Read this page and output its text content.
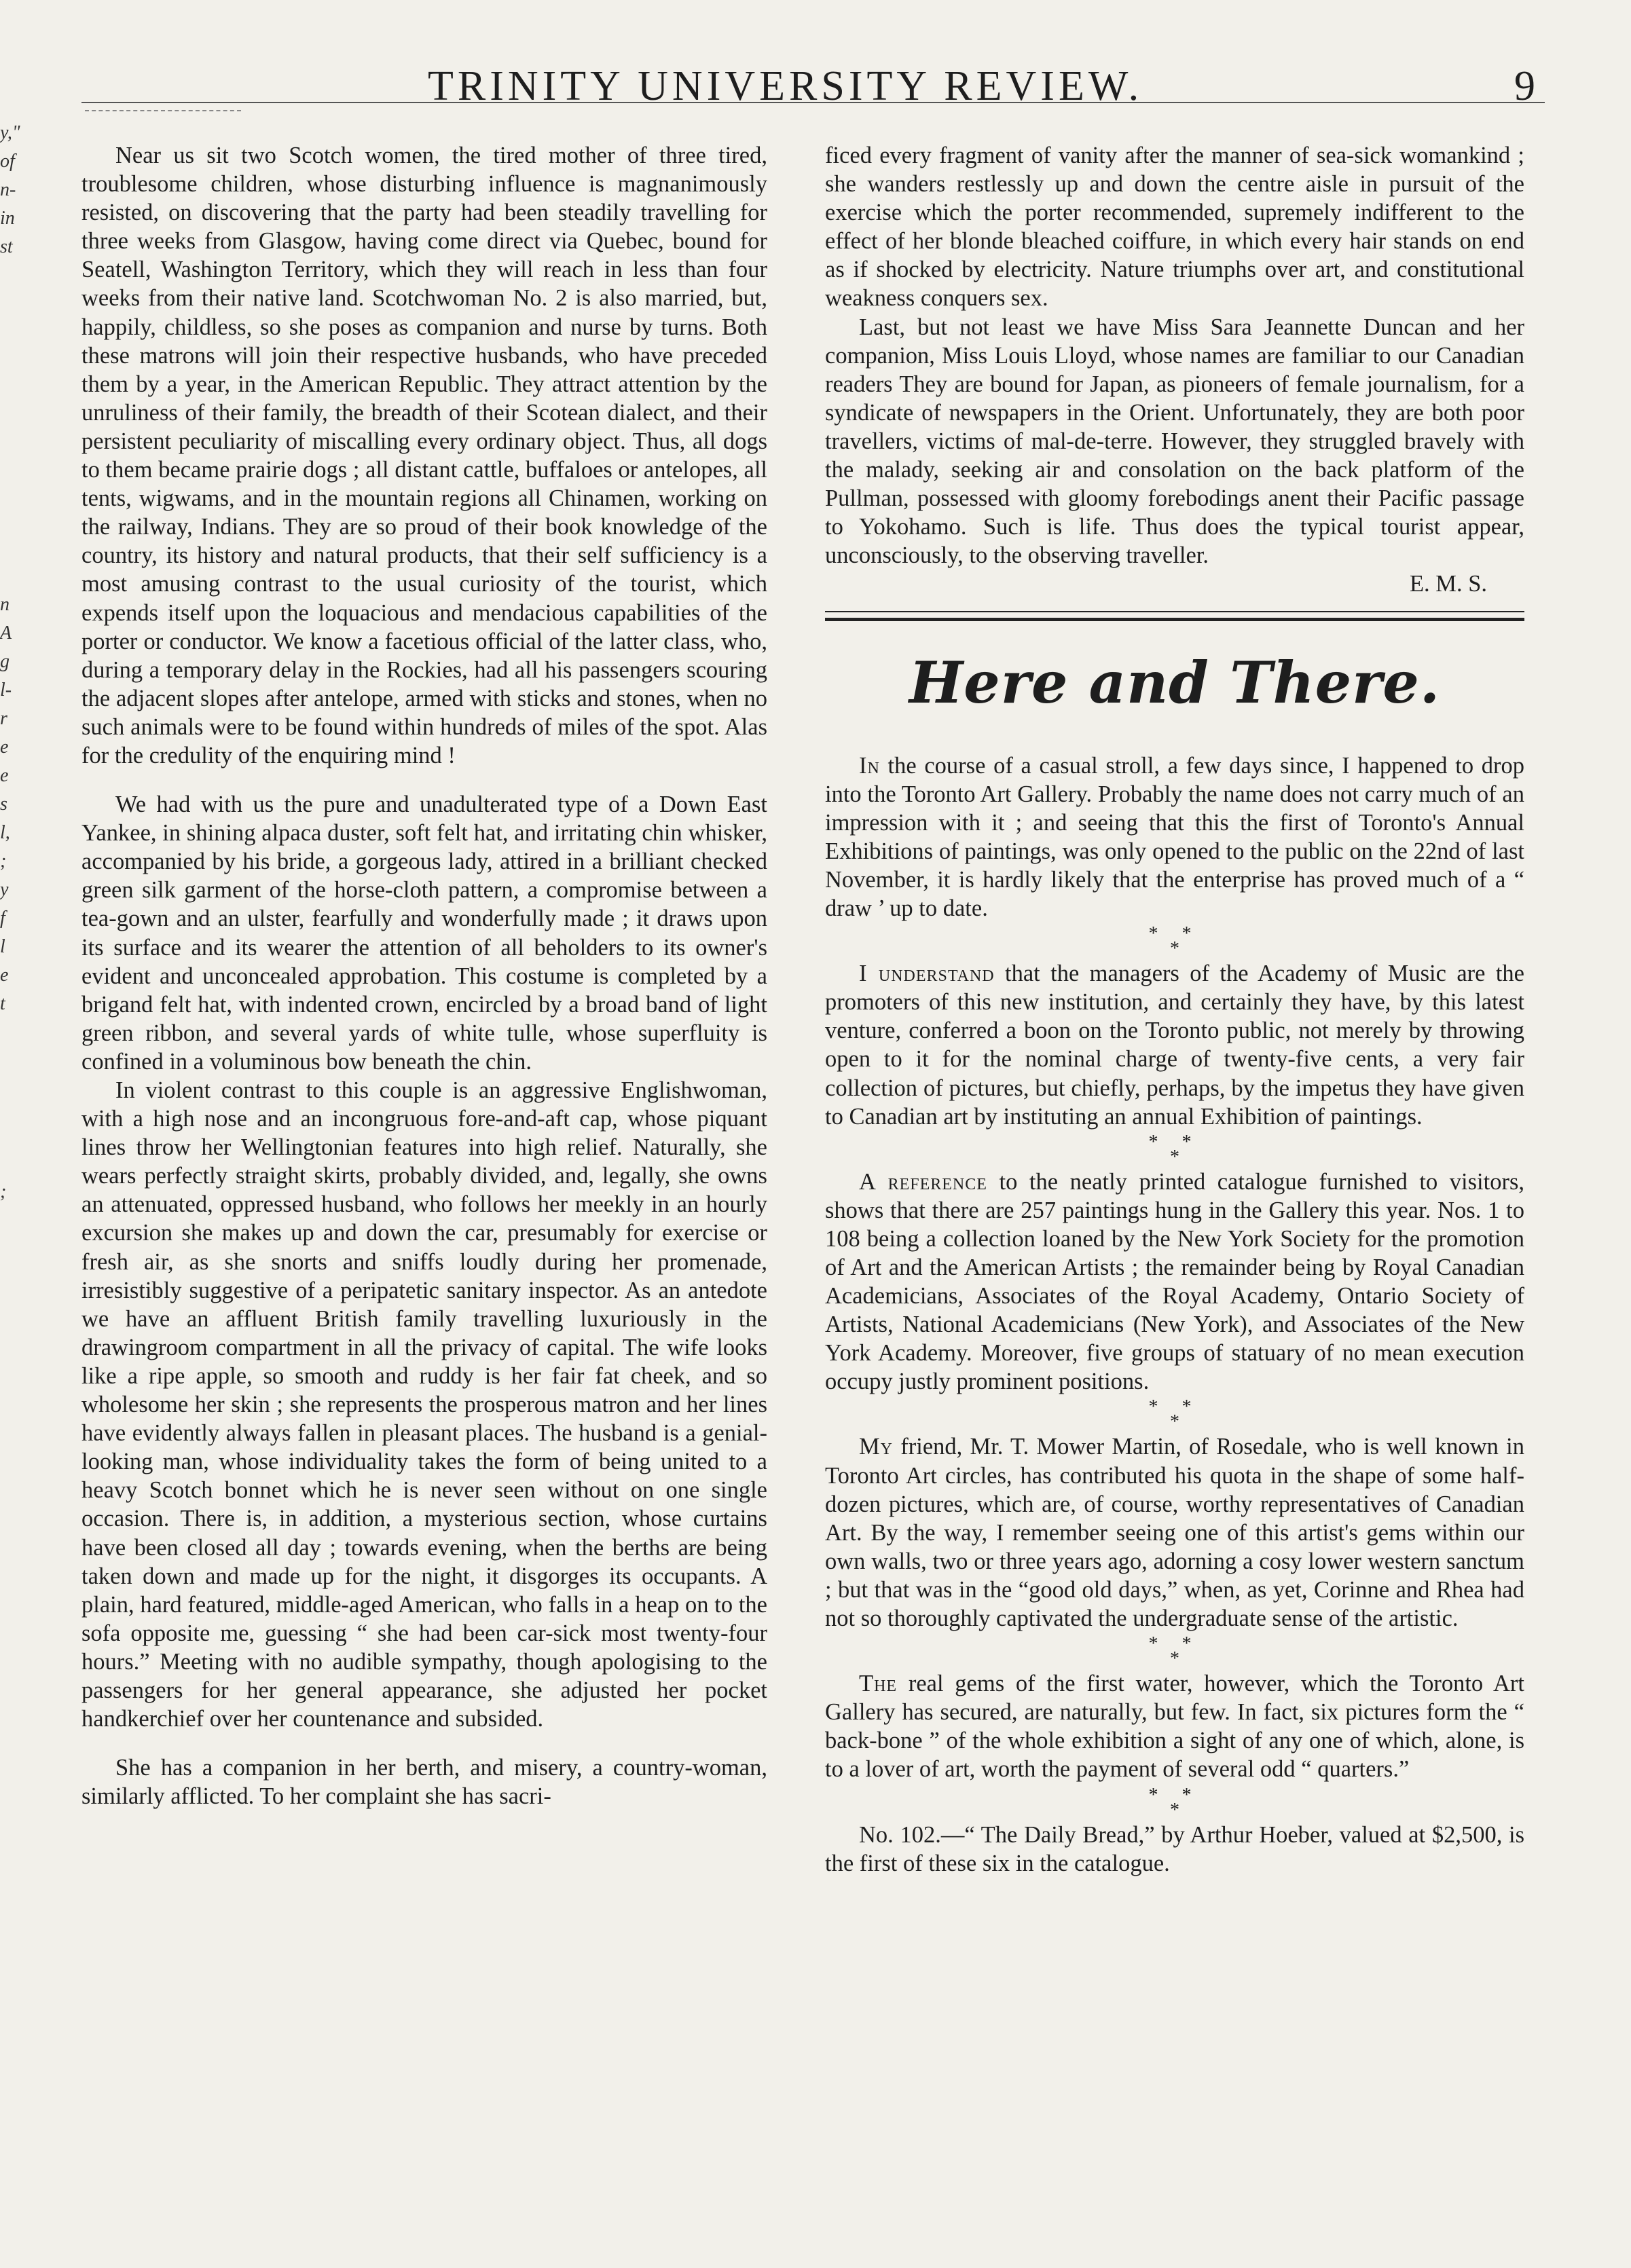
TRINITY UNIVERSITY REVIEW.	9
y,"
of
n-
in
st
n
A
g
l-
r
e
e
s
l,
;
y
f
l
e
t
;

Near us sit two Scotch women, the tired mother of three tired, troublesome children, whose disturbing influence is magnanimously resisted, on discovering that the party had been steadily travelling for three weeks from Glasgow, having come direct via Quebec, bound for Seatell, Washington Territory, which they will reach in less than four weeks from their native land. Scotchwoman No. 2 is also married, but, happily, childless, so she poses as companion and nurse by turns. Both these matrons will join their respective husbands, who have preceded them by a year, in the American Republic. They attract attention by the unruliness of their family, the breadth of their Scotean dialect, and their persistent peculiarity of miscalling every ordinary object. Thus, all dogs to them became prairie dogs ; all distant cattle, buffaloes or antelopes, all tents, wigwams, and in the mountain regions all Chinamen, working on the railway, Indians. They are so proud of their book knowledge of the country, its history and natural products, that their self sufficiency is a most amusing contrast to the usual curiosity of the tourist, which expends itself upon the loquacious and mendacious capabilities of the porter or conductor. We know a facetious official of the latter class, who, during a temporary delay in the Rockies, had all his passengers scouring the adjacent slopes after antelope, armed with sticks and stones, when no such animals were to be found within hundreds of miles of the spot. Alas for the credulity of the enquiring mind !

We had with us the pure and unadulterated type of a Down East Yankee, in shining alpaca duster, soft felt hat, and irritating chin whisker, accompanied by his bride, a gorgeous lady, attired in a brilliant checked green silk garment of the horse-cloth pattern, a compromise between a tea-gown and an ulster, fearfully and wonderfully made ; it draws upon its surface and its wearer the attention of all beholders to its owner's evident and unconcealed approbation. This costume is completed by a brigand felt hat, with indented crown, encircled by a broad band of light green ribbon, and several yards of white tulle, whose superfluity is confined in a voluminous bow beneath the chin.

In violent contrast to this couple is an aggressive Englishwoman, with a high nose and an incongruous fore-and-aft cap, whose piquant lines throw her Wellingtonian features into high relief. Naturally, she wears perfectly straight skirts, probably divided, and, legally, she owns an attenuated, oppressed husband, who follows her meekly in an hourly excursion she makes up and down the car, presumably for exercise or fresh air, as she snorts and sniffs loudly during her promenade, irresistibly suggestive of a peripatetic sanitary inspector. As an antedote we have an affluent British family travelling luxuriously in the drawingroom compartment in all the privacy of capital. The wife looks like a ripe apple, so smooth and ruddy is her fair fat cheek, and so wholesome her skin ; she represents the prosperous matron and her lines have evidently always fallen in pleasant places. The husband is a genial-looking man, whose individuality takes the form of being united to a heavy Scotch bonnet which he is never seen without on one single occasion. There is, in addition, a mysterious section, whose curtains have been closed all day ; towards evening, when the berths are being taken down and made up for the night, it disgorges its occupants. A plain, hard featured, middle-aged American, who falls in a heap on to the sofa opposite me, guessing “ she had been car-sick most twenty-four hours.” Meeting with no audible sympathy, though apologising to the passengers for her general appearance, she adjusted her pocket handkerchief over her countenance and subsided.

She has a companion in her berth, and misery, a country-woman, similarly afflicted. To her complaint she has sacri-

ficed every fragment of vanity after the manner of sea-sick womankind ; she wanders restlessly up and down the centre aisle in pursuit of the exercise which the porter recommended, supremely indifferent to the effect of her blonde bleached coiffure, in which every hair stands on end as if shocked by electricity. Nature triumphs over art, and constitutional weakness conquers sex.

Last, but not least we have Miss Sara Jeannette Duncan and her companion, Miss Louis Lloyd, whose names are familiar to our Canadian readers They are bound for Japan, as pioneers of female journalism, for a syndicate of newspapers in the Orient. Unfortunately, they are both poor travellers, victims of mal-de-terre. However, they struggled bravely with the malady, seeking air and consolation on the back platform of the Pullman, possessed with gloomy forebodings anent their Pacific passage to Yokohamo. Such is life. Thus does the typical tourist appear, unconsciously, to the observing traveller.

E. M. S.
Here and There.

In the course of a casual stroll, a few days since, I happened to drop into the Toronto Art Gallery. Probably the name does not carry much of an impression with it ; and seeing that this the first of Toronto's Annual Exhibitions of paintings, was only opened to the public on the 22nd of last November, it is hardly likely that the enterprise has proved much of a “ draw ’ up to date.

* *
*

I understand that the managers of the Academy of Music are the promoters of this new institution, and certainly they have, by this latest venture, conferred a boon on the Toronto public, not merely by throwing open to it for the nominal charge of twenty-five cents, a very fair collection of pictures, but chiefly, perhaps, by the impetus they have given to Canadian art by instituting an annual Exhibition of paintings.

* *
*

A reference to the neatly printed catalogue furnished to visitors, shows that there are 257 paintings hung in the Gallery this year. Nos. 1 to 108 being a collection loaned by the New York Society for the promotion of Art and the American Artists ; the remainder being by Royal Canadian Academicians, Associates of the Royal Academy, Ontario Society of Artists, National Academicians (New York), and Associates of the New York Academy. Moreover, five groups of statuary of no mean execution occupy justly prominent positions.

* *
*

My friend, Mr. T. Mower Martin, of Rosedale, who is well known in Toronto Art circles, has contributed his quota in the shape of some half-dozen pictures, which are, of course, worthy representatives of Canadian Art. By the way, I remember seeing one of this artist's gems within our own walls, two or three years ago, adorning a cosy lower western sanctum ; but that was in the “good old days,” when, as yet, Corinne and Rhea had not so thoroughly captivated the undergraduate sense of the artistic.

* *
*

The real gems of the first water, however, which the Toronto Art Gallery has secured, are naturally, but few. In fact, six pictures form the “ back-bone ” of the whole exhibition a sight of any one of which, alone, is to a lover of art, worth the payment of several odd “ quarters.”

* *
*

No. 102.—“ The Daily Bread,” by Arthur Hoeber, valued at $2,500, is the first of these six in the catalogue.
